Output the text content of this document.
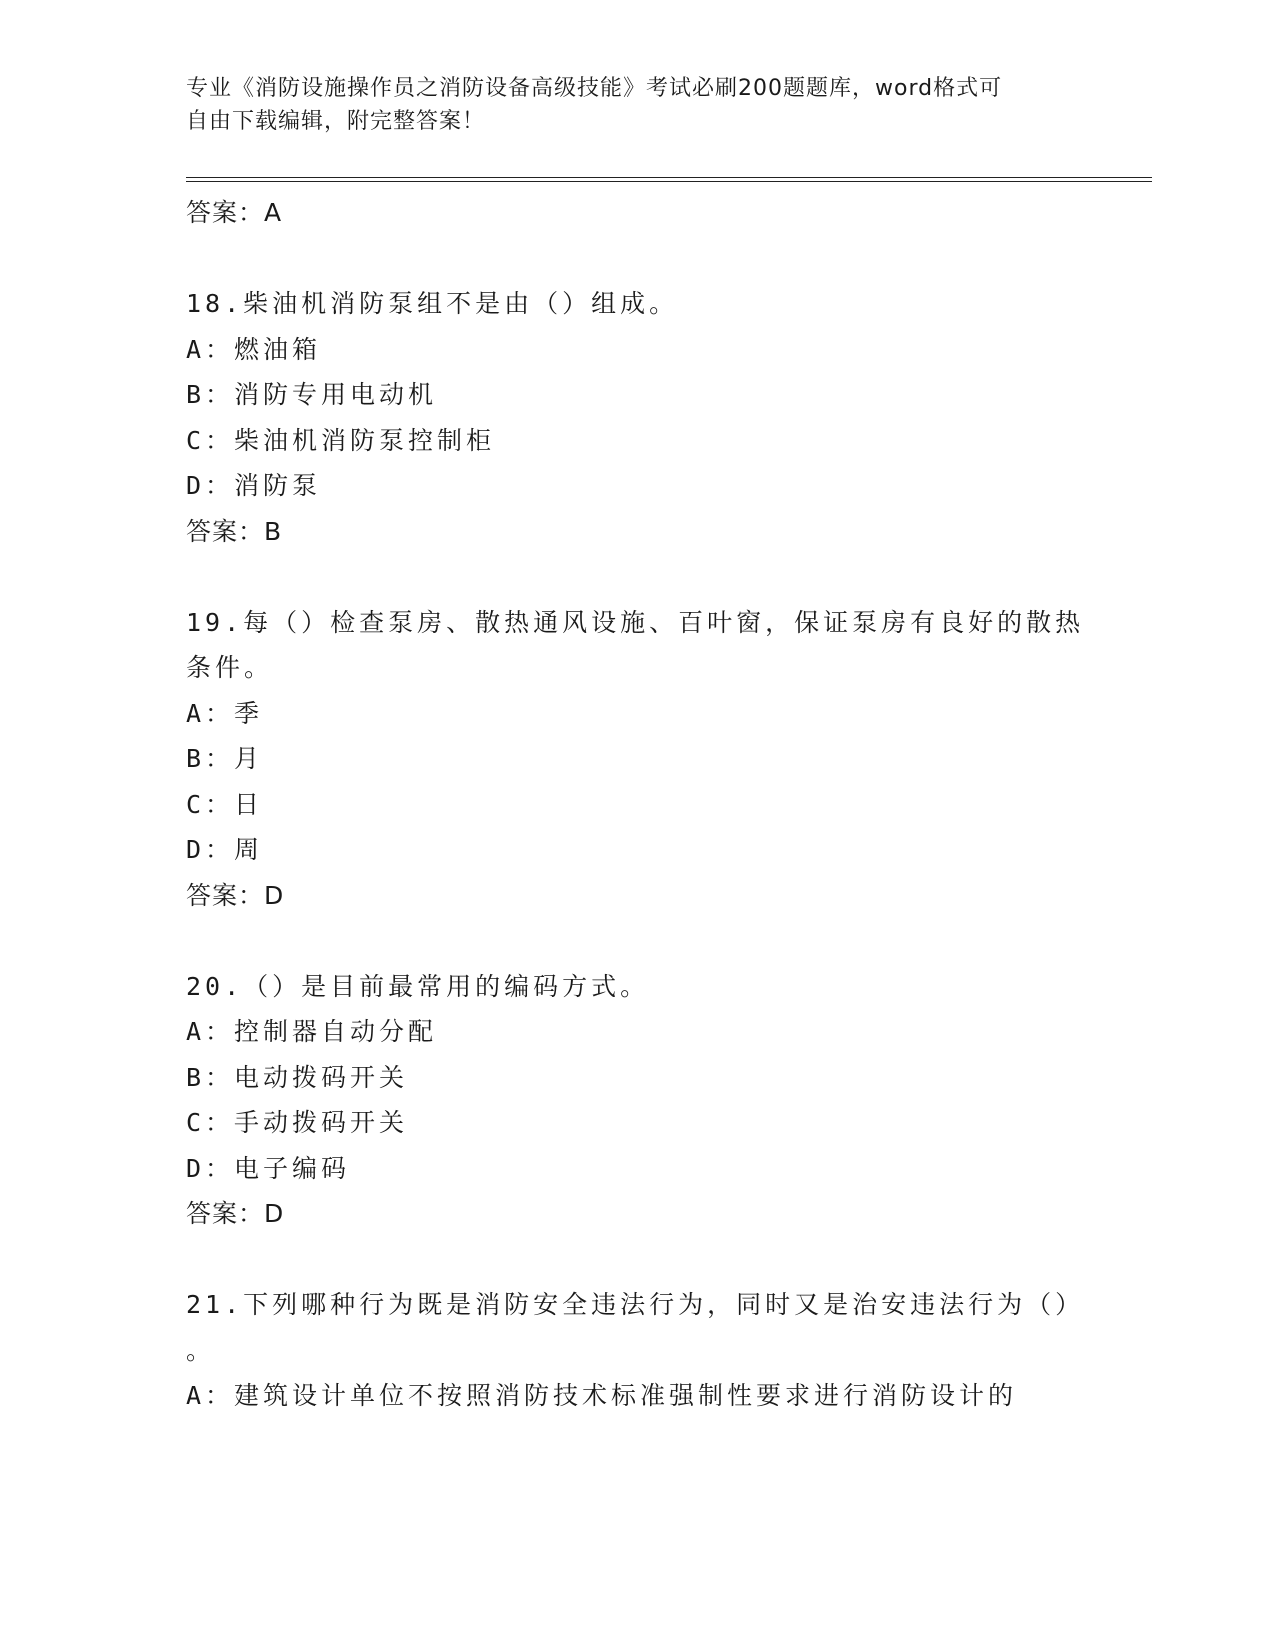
专业《消防设施操作员之消防设备高级技能》考试必刷200题题库，word格式可
自由下载编辑，附完整答案！
答案：A
18.柴油机消防泵组不是由（）组成。
A：燃油箱
B：消防专用电动机
C：柴油机消防泵控制柜
D：消防泵
答案：B
19.每（）检查泵房、散热通风设施、百叶窗，保证泵房有良好的散热
条件。
A：季
B：月
C：日
D：周
答案：D
20.（）是目前最常用的编码方式。
A：控制器自动分配
B：电动拨码开关
C：手动拨码开关
D：电子编码
答案：D
21.下列哪种行为既是消防安全违法行为，同时又是治安违法行为（）
。
A：建筑设计单位不按照消防技术标准强制性要求进行消防设计的
